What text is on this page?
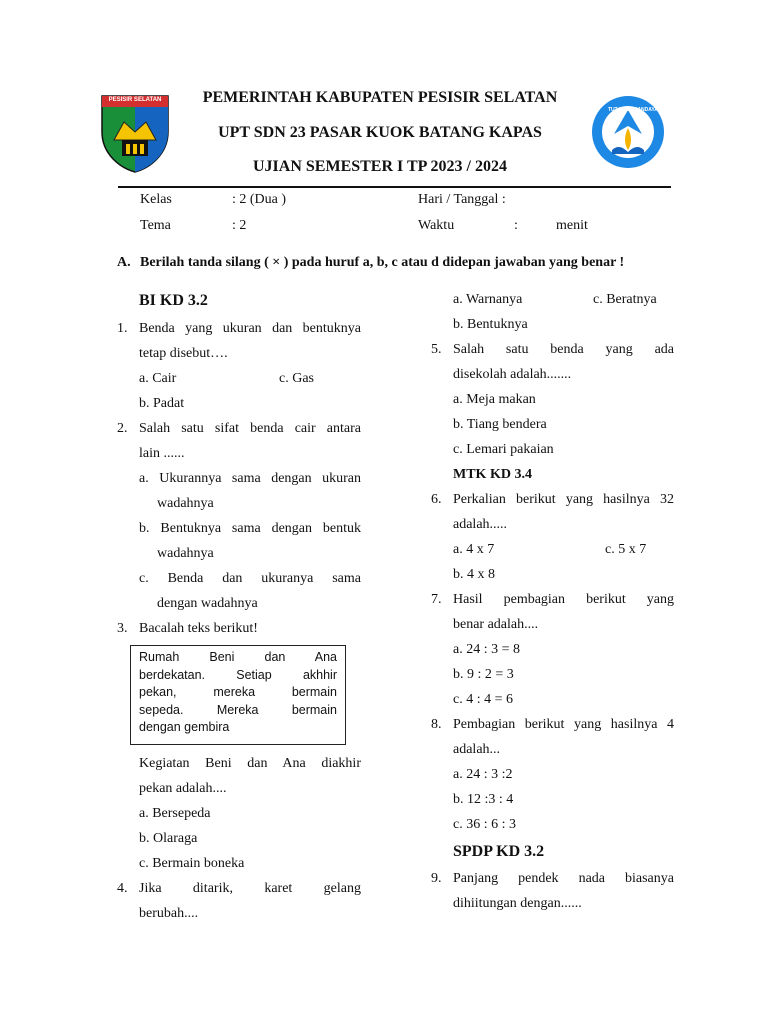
PESISIR SELATAN
TUT WURI HANDAYANI
PEMERINTAH KABUPATEN PESISIR SELATAN
UPT SDN 23 PASAR KUOK BATANG KAPAS
UJIAN SEMESTER I TP 2023 / 2024
Kelas	: 2 (Dua )	Hari / Tanggal :
Tema	: 2	Waktu	:	menit
A. Berilah tanda silang ( × ) pada huruf a, b, c atau d didepan jawaban yang benar !
BI KD 3.2
1. Benda yang ukuran dan bentuknya
tetap disebut….
a. Cair	c. Gas
b. Padat
2. Salah satu sifat benda cair antara
lain ......
a. Ukurannya sama dengan ukuran
wadahnya
b. Bentuknya sama dengan bentuk
wadahnya
c. Benda dan ukuranya sama
dengan wadahnya
3. Bacalah teks berikut!
Kegiatan Beni dan Ana diakhir
pekan adalah....
a. Bersepeda
b. Olaraga
c. Bermain boneka
4. Jika ditarik, karet gelang
berubah....
Rumah Beni dan Ana
berdekatan. Setiap akhhir
pekan, mereka bermain
sepeda. Mereka bermain
dengan gembira
a. Warnanya	c. Beratnya
b. Bentuknya
5. Salah satu benda yang ada
disekolah adalah.......
a. Meja makan
b. Tiang bendera
c. Lemari pakaian
MTK KD 3.4
6. Perkalian berikut yang hasilnya 32
adalah.....
a. 4 x 7	c. 5 x 7
b. 4 x 8
7. Hasil pembagian berikut yang
benar adalah....
a. 24 : 3 = 8
b. 9 : 2 = 3
c. 4 : 4 = 6
8. Pembagian berikut yang hasilnya 4
adalah...
a. 24 : 3 :2
b. 12 :3 : 4
c. 36 : 6 : 3
SPDP KD 3.2
9. Panjang pendek nada biasanya
dihiitungan dengan......
